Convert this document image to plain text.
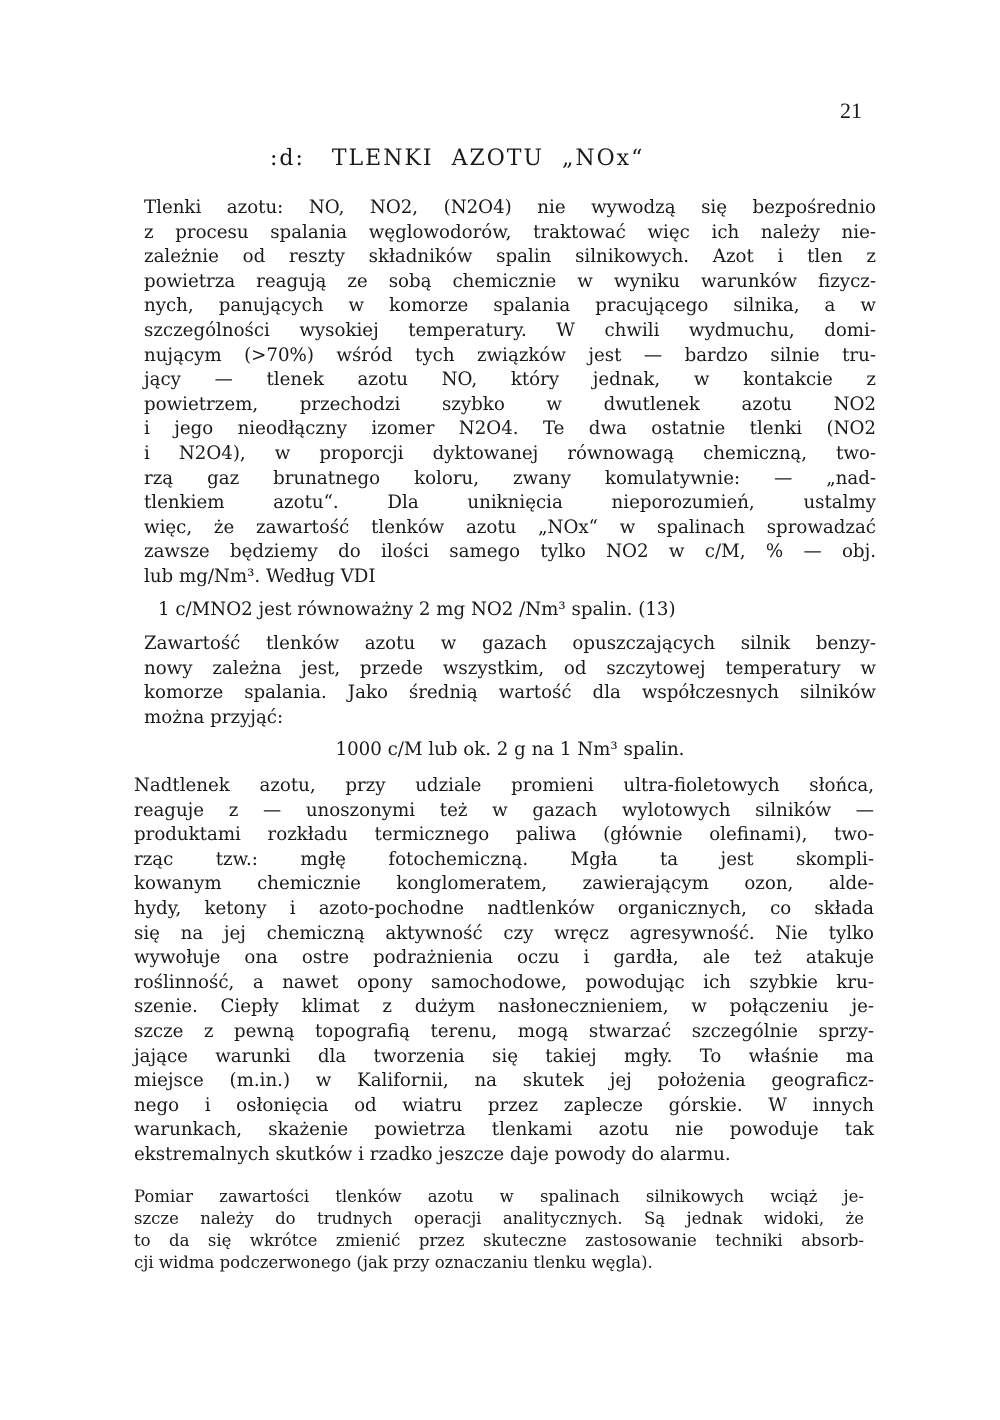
21
:d:   TLENKI  AZOTU  „NOx“
Tlenki azotu: NO, NO2, (N2O4) nie wywodzą się bezpośrednio
z procesu spalania węglowodorów, traktować więc ich należy nie-
zależnie od reszty składników spalin silnikowych. Azot i tlen z
powietrza reagują ze sobą chemicznie w wyniku warunków fizycz-
nych, panujących w komorze spalania pracującego silnika, a w
szczególności wysokiej temperatury. W chwili wydmuchu, domi-
nującym (>70%) wśród tych związków jest — bardzo silnie tru-
jący — tlenek azotu NO, który jednak, w kontakcie z
powietrzem, przechodzi szybko w dwutlenek azotu NO2
i jego nieodłączny izomer N2O4. Te dwa ostatnie tlenki (NO2
i N2O4), w proporcji dyktowanej równowagą chemiczną, two-
rzą gaz brunatnego koloru, zwany komulatywnie: — „nad-
tlenkiem azotu“. Dla uniknięcia nieporozumień, ustalmy
więc, że zawartość tlenków azotu „NOx“ w spalinach sprowadzać
zawsze będziemy do ilości samego tylko NO2 w c/M, % — obj.
lub mg/Nm³. Według VDI
1 c/MNO2 jest równoważny 2 mg NO2 /Nm³ spalin. (13)
Zawartość tlenków azotu w gazach opuszczających silnik benzy-
nowy zależna jest, przede wszystkim, od szczytowej temperatury w
komorze spalania. Jako średnią wartość dla współczesnych silników
można przyjąć:
1000 c/M lub ok. 2 g na 1 Nm³ spalin.
Nadtlenek azotu, przy udziale promieni ultra-fioletowych słońca,
reaguje z — unoszonymi też w gazach wylotowych silników —
produktami rozkładu termicznego paliwa (głównie olefinami), two-
rząc tzw.: mgłę fotochemiczną. Mgła ta jest skompli-
kowanym chemicznie konglomeratem, zawierającym ozon, alde-
hydy, ketony i azoto-pochodne nadtlenków organicznych, co składa
się na jej chemiczną aktywność czy wręcz agresywność. Nie tylko
wywołuje ona ostre podrażnienia oczu i gardła, ale też atakuje
roślinność, a nawet opony samochodowe, powodując ich szybkie kru-
szenie. Ciepły klimat z dużym nasłonecznieniem, w połączeniu je-
szcze z pewną topografią terenu, mogą stwarzać szczególnie sprzy-
jające warunki dla tworzenia się takiej mgły. To właśnie ma
miejsce (m.in.) w Kalifornii, na skutek jej położenia geograficz-
nego i osłonięcia od wiatru przez zaplecze górskie. W innych
warunkach, skażenie powietrza tlenkami azotu nie powoduje tak
ekstremalnych skutków i rzadko jeszcze daje powody do alarmu.
Pomiar zawartości tlenków azotu w spalinach silnikowych wciąż je-
szcze należy do trudnych operacji analitycznych. Są jednak widoki, że
to da się wkrótce zmienić przez skuteczne zastosowanie techniki absorb-
cji widma podczerwonego (jak przy oznaczaniu tlenku węgla).
